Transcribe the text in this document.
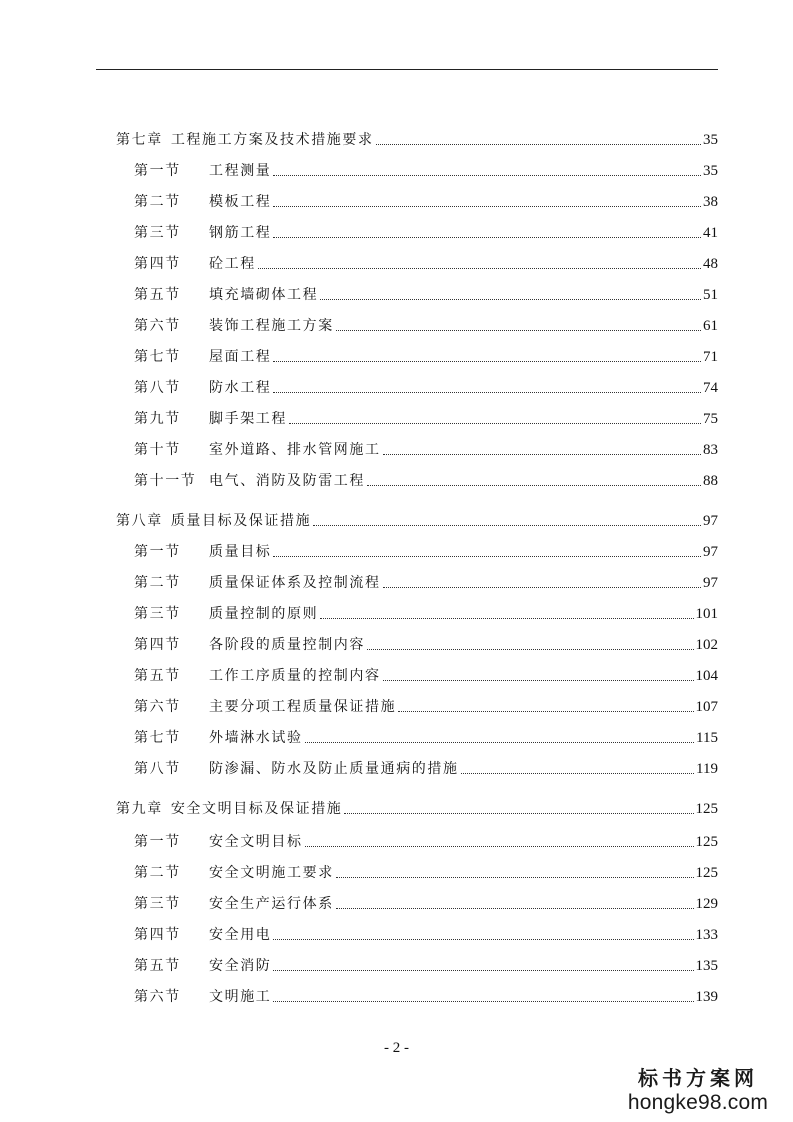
第七章 工程施工方案及技术措施要求	35
第一节	工程测量	35
第二节	模板工程	38
第三节	钢筋工程	41
第四节	砼工程	48
第五节	填充墙砌体工程	51
第六节	装饰工程施工方案	61
第七节	屋面工程	71
第八节	防水工程	74
第九节	脚手架工程	75
第十节	室外道路、排水管网施工	83
第十一节 电气、消防及防雷工程	88
第八章 质量目标及保证措施	97
第一节	质量目标	97
第二节	质量保证体系及控制流程	97
第三节	质量控制的原则	101
第四节	各阶段的质量控制内容	102
第五节	工作工序质量的控制内容	104
第六节	主要分项工程质量保证措施	107
第七节	外墙淋水试验	115
第八节	防渗漏、防水及防止质量通病的措施	119
第九章 安全文明目标及保证措施	125
第一节	安全文明目标	125
第二节	安全文明施工要求	125
第三节	安全生产运行体系	129
第四节	安全用电	133
第五节	安全消防	135
第六节	文明施工	139
- 2 -
标书方案网
hongke98.com
